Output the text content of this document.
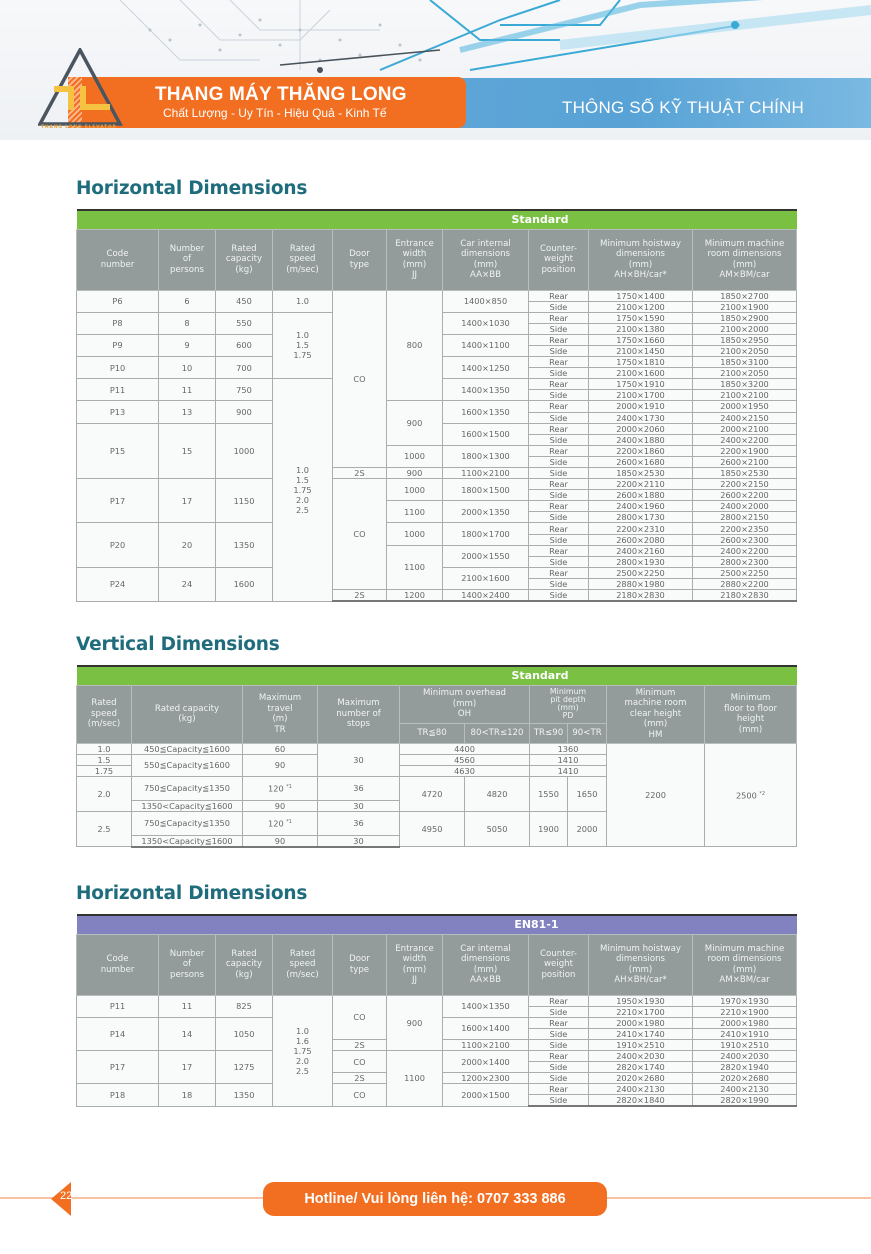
THANG MÁY THĂNG LONG
Chất Lượng - Uy Tín - Hiệu Quả - Kinh Tế	THÔNG SỐ KỸ THUẬT CHÍNH
THANG LONG ELEVATOR
Horizontal Dimensions
Standard									
Code
number	Number
of
persons	Rated
capacity
(kg)	Rated
speed
(m/sec)	Door
type	Entrance
width
(mm)
JJ	Car internal
dimensions
(mm)
AA×BB	Counter-
weight
position	Minimum hoistway
dimensions
(mm)
AH×BH/car*	Minimum machine
room dimensions
(mm)
AM×BM/car
P6	6	450	1.0	CO	800	1400×850	Rear	1750×1400	1850×2700
							Side	2100×1200	2100×1900
P8	8	550	1.0
1.5
1.75			1400×1030	Rear	1750×1590	1850×2900
							Side	2100×1380	2100×2000
P9	9	600				1400×1100	Rear	1750×1660	1850×2950
							Side	2100×1450	2100×2050
P10	10	700				1400×1250	Rear	1750×1810	1850×3100
							Side	2100×1600	2100×2050
P11	11	750	1.0
1.5
1.75
2.0
2.5			1400×1350	Rear	1750×1910	1850×3200
							Side	2100×1700	2100×2100
P13	13	900			900	1600×1350	Rear	2000×1910	2000×1950
							Side	2400×1730	2400×2150
P15	15	1000				1600×1500	Rear	2000×2060	2000×2100
							Side	2400×1880	2400×2200
					1000	1800×1300	Rear	2200×1860	2200×1900
							Side	2600×1680	2600×2100
				2S	900	1100×2100	Side	1850×2530	1850×2530
P17	17	1150		CO	1000	1800×1500	Rear	2200×2110	2200×2150
							Side	2600×1880	2600×2200
					1100	2000×1350	Rear	2400×1960	2400×2000
							Side	2800×1730	2800×2150
P20	20	1350			1000	1800×1700	Rear	2200×2310	2200×2350
							Side	2600×2080	2600×2300
					1100	2000×1550	Rear	2400×2160	2400×2200
							Side	2800×1930	2800×2300
P24	24	1600				2100×1600	Rear	2500×2250	2500×2250
							Side	2880×1980	2880×2200
				2S	1200	1400×2400	Side	2180×2830	2180×2830
Vertical Dimensions
Standard									
Rated
speed
(m/sec)	Rated capacity
(kg)	Maximum
travel
(m)
TR	Maximum
number of
stops	Minimum overhead
(mm)
OH		Minimum
pit depth
(mm)
PD		Minimum
machine room
clear height
(mm)
HM	Minimum
floor to floor
height
(mm)
				TR≦80	80<TR≤120	TR≤90	90<TR		
1.0	450≦Capacity≦1600	60	30	4400		1360		2200	2500 $^{*2}$
1.5	550≦Capacity≦1600	90		4560		1410			
1.75				4630		1410			
2.0	750≦Capacity≦1350	120 $^{*1}$	36	4720	4820	1550	1650		
	1350<Capacity≦1600	90	30						
2.5	750≦Capacity≦1350	120 $^{*1}$	36	4950	5050	1900	2000		
	1350<Capacity≦1600	90	30						
Horizontal Dimensions
EN81-1									
Code
number	Number
of
persons	Rated
capacity
(kg)	Rated
speed
(m/sec)	Door
type	Entrance
width
(mm)
JJ	Car internal
dimensions
(mm)
AA×BB	Counter-
weight
position	Minimum hoistway
dimensions
(mm)
AH×BH/car*	Minimum machine
room dimensions
(mm)
AM×BM/car
P11	11	825	1.0
1.6
1.75
2.0
2.5	CO	900	1400×1350	Rear	1950×1930	1970×1930
							Side	2210×1700	2210×1900
P14	14	1050				1600×1400	Rear	2000×1980	2000×1980
							Side	2410×1740	2410×1910
				2S		1100×2100	Side	1910×2510	1910×2510
P17	17	1275		CO	1100	2000×1400	Rear	2400×2030	2400×2030
							Side	2820×1740	2820×1940
				2S		1200×2300	Side	2020×2680	2020×2680
P18	18	1350		CO		2000×1500	Rear	2400×2130	2400×2130
							Side	2820×1840	2820×1990
22	Hotline/ Vui lòng liên hệ: 0707 333 886
